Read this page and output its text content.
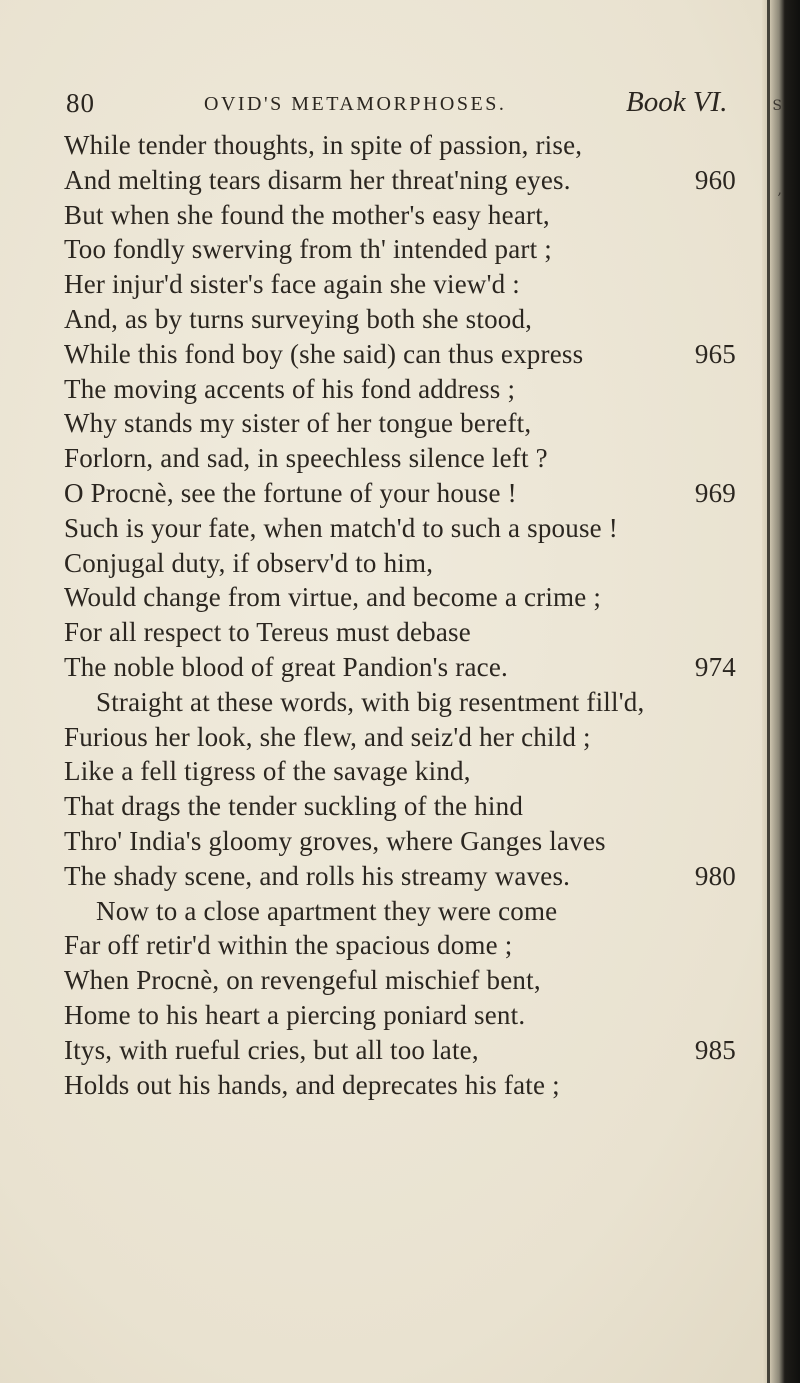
S
,
80	OVID'S METAMORPHOSES.	Book VI.
While tender thoughts, in spite of passion, rise,
And melting tears disarm her threat'ning eyes.	960
But when she found the mother's easy heart,
Too fondly swerving from th' intended part ;
Her injur'd sister's face again she view'd :
And, as by turns surveying both she stood,
While this fond boy (she said) can thus express	965
The moving accents of his fond address ;
Why stands my sister of her tongue bereft,
Forlorn, and sad, in speechless silence left ?
O Procnè, see the fortune of your house !	969
Such is your fate, when match'd to such a spouse !
Conjugal duty, if observ'd to him,
Would change from virtue, and become a crime ;
For all respect to Tereus must debase
The noble blood of great Pandion's race.	974
Straight at these words, with big resentment fill'd,
Furious her look, she flew, and seiz'd her child ;
Like a fell tigress of the savage kind,
That drags the tender suckling of the hind
Thro' India's gloomy groves, where Ganges laves
The shady scene, and rolls his streamy waves.	980
Now to a close apartment they were come
Far off retir'd within the spacious dome ;
When Procnè, on revengeful mischief bent,
Home to his heart a piercing poniard sent.
Itys, with rueful cries, but all too late,	985
Holds out his hands, and deprecates his fate ;
